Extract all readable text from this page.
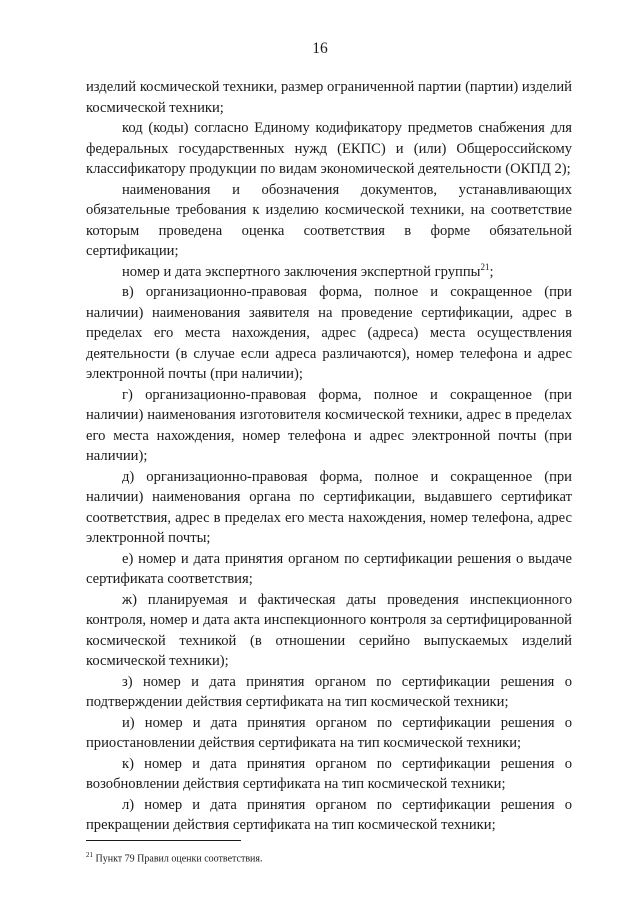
16

изделий космической техники, размер ограниченной партии (партии) изделий космической техники;

код (коды) согласно Единому кодификатору предметов снабжения для федеральных государственных нужд (ЕКПС) и (или) Общероссийскому классификатору продукции по видам экономической деятельности (ОКПД 2);

наименования и обозначения документов, устанавливающих обязательные требования к изделию космической техники, на соответствие которым проведена оценка соответствия в форме обязательной сертификации;

номер и дата экспертного заключения экспертной группы$^{21}$;

в) организационно-правовая форма, полное и сокращенное (при наличии) наименования заявителя на проведение сертификации, адрес в пределах его места нахождения, адрес (адреса) места осуществления деятельности (в случае если адреса различаются), номер телефона и адрес электронной почты (при наличии);

г) организационно-правовая форма, полное и сокращенное (при наличии) наименования изготовителя космической техники, адрес в пределах его места нахождения, номер телефона и адрес электронной почты (при наличии);

д) организационно-правовая форма, полное и сокращенное (при наличии) наименования органа по сертификации, выдавшего сертификат соответствия, адрес в пределах его места нахождения, номер телефона, адрес электронной почты;

е) номер и дата принятия органом по сертификации решения о выдаче сертификата соответствия;

ж) планируемая и фактическая даты проведения инспекционного контроля, номер и дата акта инспекционного контроля за сертифицированной космической техникой (в отношении серийно выпускаемых изделий космической техники);

з) номер и дата принятия органом по сертификации решения о подтверждении действия сертификата на тип космической техники;

и) номер и дата принятия органом по сертификации решения о приостановлении действия сертификата на тип космической техники;

к) номер и дата принятия органом по сертификации решения о возобновлении действия сертификата на тип космической техники;

л) номер и дата принятия органом по сертификации решения о прекращении действия сертификата на тип космической техники;

$^{21}$ Пункт 79 Правил оценки соответствия.
